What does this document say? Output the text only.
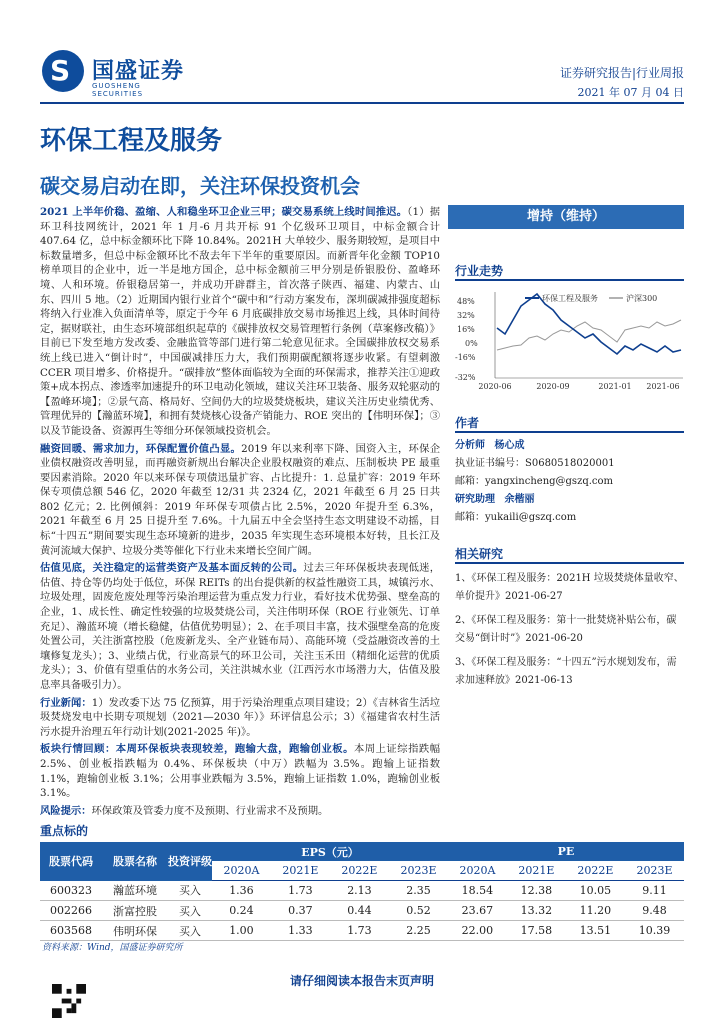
S 国盛证券
GUOSHENG SECURITIES
证券研究报告|行业周报
2021 年 07 月 04 日
环保工程及服务
碳交易启动在即，关注环保投资机会

2021 上半年价稳、盈缩、人和稳坐环卫企业三甲；碳交易系统上线时间推迟。（1）据环卫科技网统计，2021 年 1 月-6 月共开标 91 个亿级环卫项目，中标金额合计 407.64 亿，总中标金额环比下降 10.84%。2021H 大单较少、服务期较短，是项目中标数量增多，但总中标金额环比不敌去年下半年的重要原因。而新晋年化金额 TOP10 榜单项目的企业中，近一半是地方国企，总中标金额前三甲分别是侨银股份、盈峰环境、人和环境。侨银稳居第一，并成功开辟群主，首次落子陕西、福建、内蒙古、山东、四川 5 地。（2）近期国内银行业首个“碳中和”行动方案发布，深圳碳减排强度超标将纳入行业准入负面清单等，原定于今年 6 月底碳排放交易市场推迟上线，具体时间待定，据财联社，由生态环境部组织起草的《碳排放权交易管理暂行条例（草案修改稿）》目前已下发至地方发改委、金融监管等部门进行第二轮意见征求。全国碳排放权交易系统上线已进入“倒计时”，中国碳减排压力大，我们预期碳配额将逐步收紧。有望刺激 CCER 项目增多、价格提升。“碳排放”整体面临较为全面的环保需求，推荐关注①迎政策+成本拐点、渗透率加速提升的环卫电动化领域，建议关注环卫装备、服务双轮驱动的【盈峰环境】；②景气高、格局好、空间仍大的垃圾焚烧板块，建议关注历史业绩优秀、管理优异的【瀚蓝环境】，和拥有焚烧核心设备产销能力、ROE 突出的【伟明环保】；③以及节能设备、资源再生等细分环保领域投资机会。

融资回暖、需求加力，环保配置价值凸显。2019 年以来利率下降、国资入主，环保企业债权融资改善明显，而再融资新规出台解决企业股权融资的难点、压制板块 PE 最重要因素消除。2020 年以来环保专项债迅量扩容、占比提升：1. 总量扩容：2019 年环保专项债总额 546 亿，2020 年截至 12/31 共 2324 亿，2021 年截至 6 月 25 日共 802 亿元；2. 比例倾斜：2019 年环保专项债占比 2.5%，2020 年提升至 6.3%，2021 年截至 6 月 25 日提升至 7.6%。十九届五中全会坚持生态文明建设不动摇，目标“十四五”期间要实现生态环境新的进步，2035 年实现生态环境根本好转，且长江及黄河流域大保护、垃圾分类等催化下行业未来增长空间广阔。

估值见底，关注稳定的运营类资产及基本面反转的公司。过去三年环保板块表现低迷，估值、持仓等仍均处于低位，环保 REITs 的出台提供新的权益性融资工具，城镇污水、垃圾处理，固废危废处理等污染治理运营为重点发力行业，看好技术优势强、壁垒高的企业，1、成长性、确定性较强的垃圾焚烧公司，关注伟明环保（ROE 行业领先、订单充足）、瀚蓝环境（增长稳健，估值优势明显）；2、在手项目丰富，技术强壁垒高的危废处置公司，关注浙富控股（危废新龙头、全产业链布局）、高能环境（受益融资改善的土壤修复龙头）；3、业绩占优，行业高景气的环卫公司，关注玉禾田（精细化运营的优质龙头）；3、价值有望重估的水务公司，关注洪城水业（江西污水市场潜力大，估值及股息率具备吸引力）。

行业新闻：1）发改委下达 75 亿预算，用于污染治理重点项目建设；2）《吉林省生活垃圾焚烧发电中长期专项规划（2021—2030 年）》环评信息公示；3）《福建省农村生活污水提升治理五年行动计划(2021-2025 年)》。

板块行情回顾：本周环保板块表现较差，跑输大盘，跑输创业板。本周上证综指跌幅 2.5%、创业板指跌幅为 0.4%、环保板块（中万）跌幅为 3.5%。跑输上证指数 1.1%，跑输创业板 3.1%；公用事业跌幅为 3.5%，跑输上证指数 1.0%，跑输创业板 3.1%。

风险提示：环保政策及管委力度不及预期、行业需求不及预期。

增持（维持）
行业走势
48%
32%
16%
0%
-16%
-32%
环保工程及服务	沪深300
2020-06	2020-09	2021-01 2021-06
作者
分析师 杨心成
执业证书编号：S0680518020001
邮箱：yangxincheng@gszq.com
研究助理 余楷丽
邮箱：yukaili@gszq.com
相关研究
1、《环保工程及服务：2021H 垃圾焚烧体量收窄、单价提升》2021-06-27
2、《环保工程及服务：第十一批焚烧补贴公布，碳交易“倒计时”》2021-06-20
3、《环保工程及服务：“十四五”污水规划发布，需求加速释放》2021-06-13
重点标的
股票代码	股票名称	投资评级	EPS（元）				PE			
			2020A	2021E	2022E	2023E	2020A	2021E	2022E	2023E
600323	瀚蓝环境	买入	1.36	1.73	2.13	2.35	18.54	12.38	10.05	9.11
002266	浙富控股	买入	0.24	0.37	0.44	0.52	23.67	13.32	11.20	9.48
603568	伟明环保	买入	1.00	1.33	1.73	2.25	22.00	17.58	13.51	10.39
资料来源：Wind，国盛证券研究所
请仔细阅读本报告末页声明
